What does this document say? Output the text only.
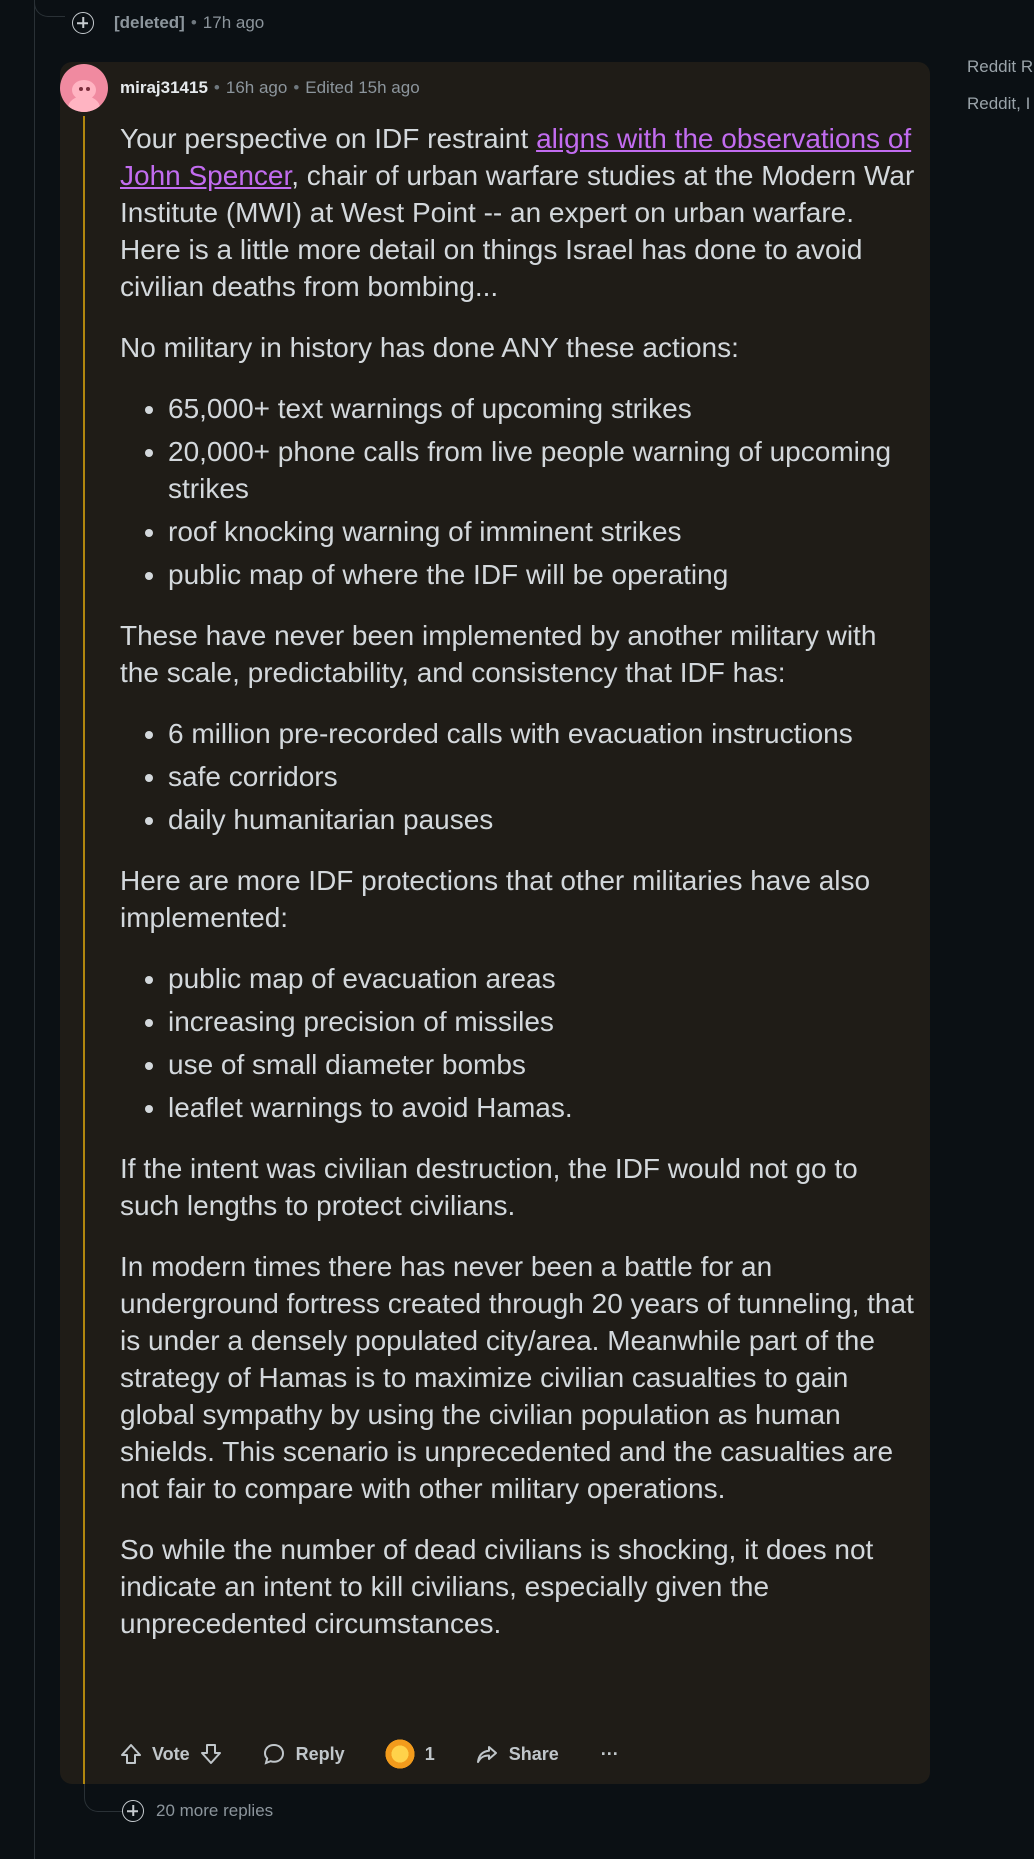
[deleted] • 17h ago
Reddit R
Reddit, I
miraj31415 • 16h ago • Edited 15h ago

Your perspective on IDF restraint aligns with the observations of John Spencer, chair of urban warfare studies at the Modern War Institute (MWI) at West Point -- an expert on urban warfare. Here is a little more detail on things Israel has done to avoid civilian deaths from bombing...

No military in history has done ANY these actions:

• 65,000+ text warnings of upcoming strikes
• 20,000+ phone calls from live people warning of upcoming strikes
• roof knocking warning of imminent strikes
• public map of where the IDF will be operating

These have never been implemented by another military with the scale, predictability, and consistency that IDF has:

• 6 million pre-recorded calls with evacuation instructions
• safe corridors
• daily humanitarian pauses

Here are more IDF protections that other militaries have also implemented:

• public map of evacuation areas
• increasing precision of missiles
• use of small diameter bombs
• leaflet warnings to avoid Hamas.

If the intent was civilian destruction, the IDF would not go to such lengths to protect civilians.

In modern times there has never been a battle for an underground fortress created through 20 years of tunneling, that is under a densely populated city/area. Meanwhile part of the strategy of Hamas is to maximize civilian casualties to gain global sympathy by using the civilian population as human shields. This scenario is unprecedented and the casualties are not fair to compare with other military operations.

So while the number of dead civilians is shocking, it does not indicate an intent to kill civilians, especially given the unprecedented circumstances.

Vote	Reply	1	Share ···
20 more replies
